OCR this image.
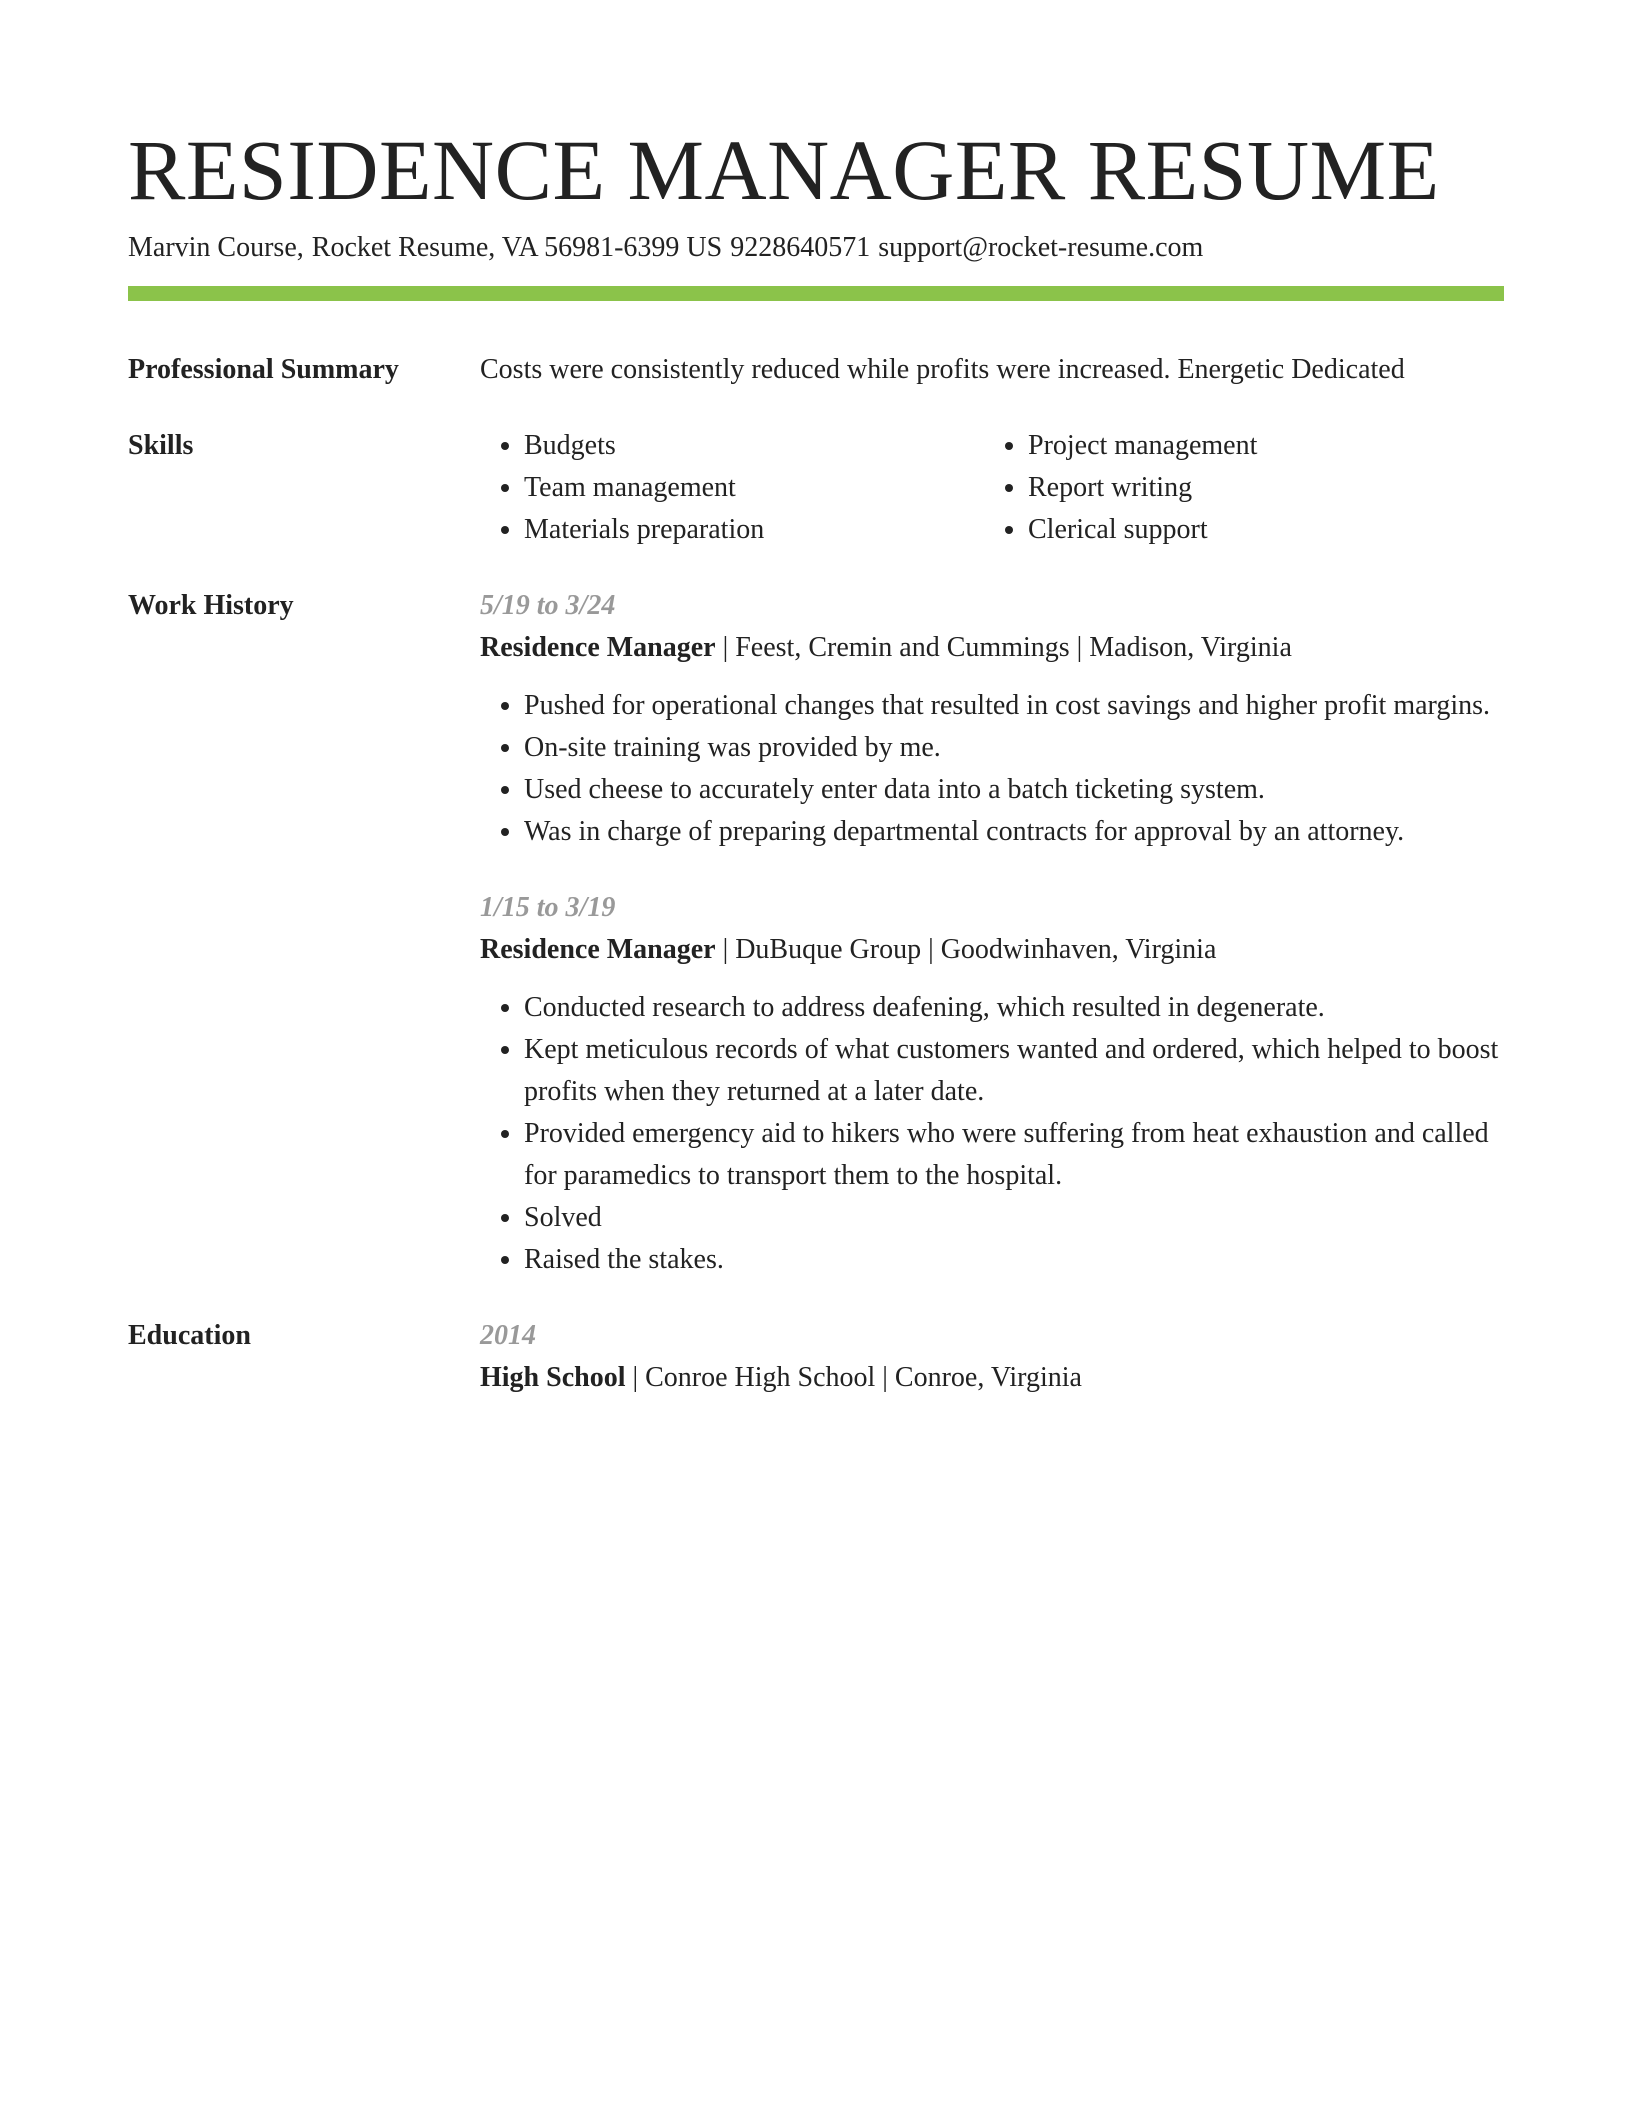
RESIDENCE MANAGER RESUME
Marvin Course, Rocket Resume, VA 56981-6399 US 9228640571 support@rocket-resume.com
Professional Summary	Costs were consistently reduced while profits were increased. Energetic Dedicated
Skills
•	Budgets
• Team management
• Materials preparation
• Project management
• Report writing
• Clerical support
Work History	5/19 to 3/24
Residence Manager | Feest, Cremin and Cummings | Madison, Virginia
• Pushed for operational changes that resulted in cost savings and higher profit margins.
• On-site training was provided by me.
• Used cheese to accurately enter data into a batch ticketing system.
• Was in charge of preparing departmental contracts for approval by an attorney.
1/15 to 3/19
Residence Manager | DuBuque Group | Goodwinhaven, Virginia
• Conducted research to address deafening, which resulted in degenerate.
• Kept meticulous records of what customers wanted and ordered, which helped to boost profits when they returned at a later date.
• Provided emergency aid to hikers who were suffering from heat exhaustion and called for paramedics to transport them to the hospital.
• Solved
• Raised the stakes.
Education	2014
High School | Conroe High School | Conroe, Virginia
